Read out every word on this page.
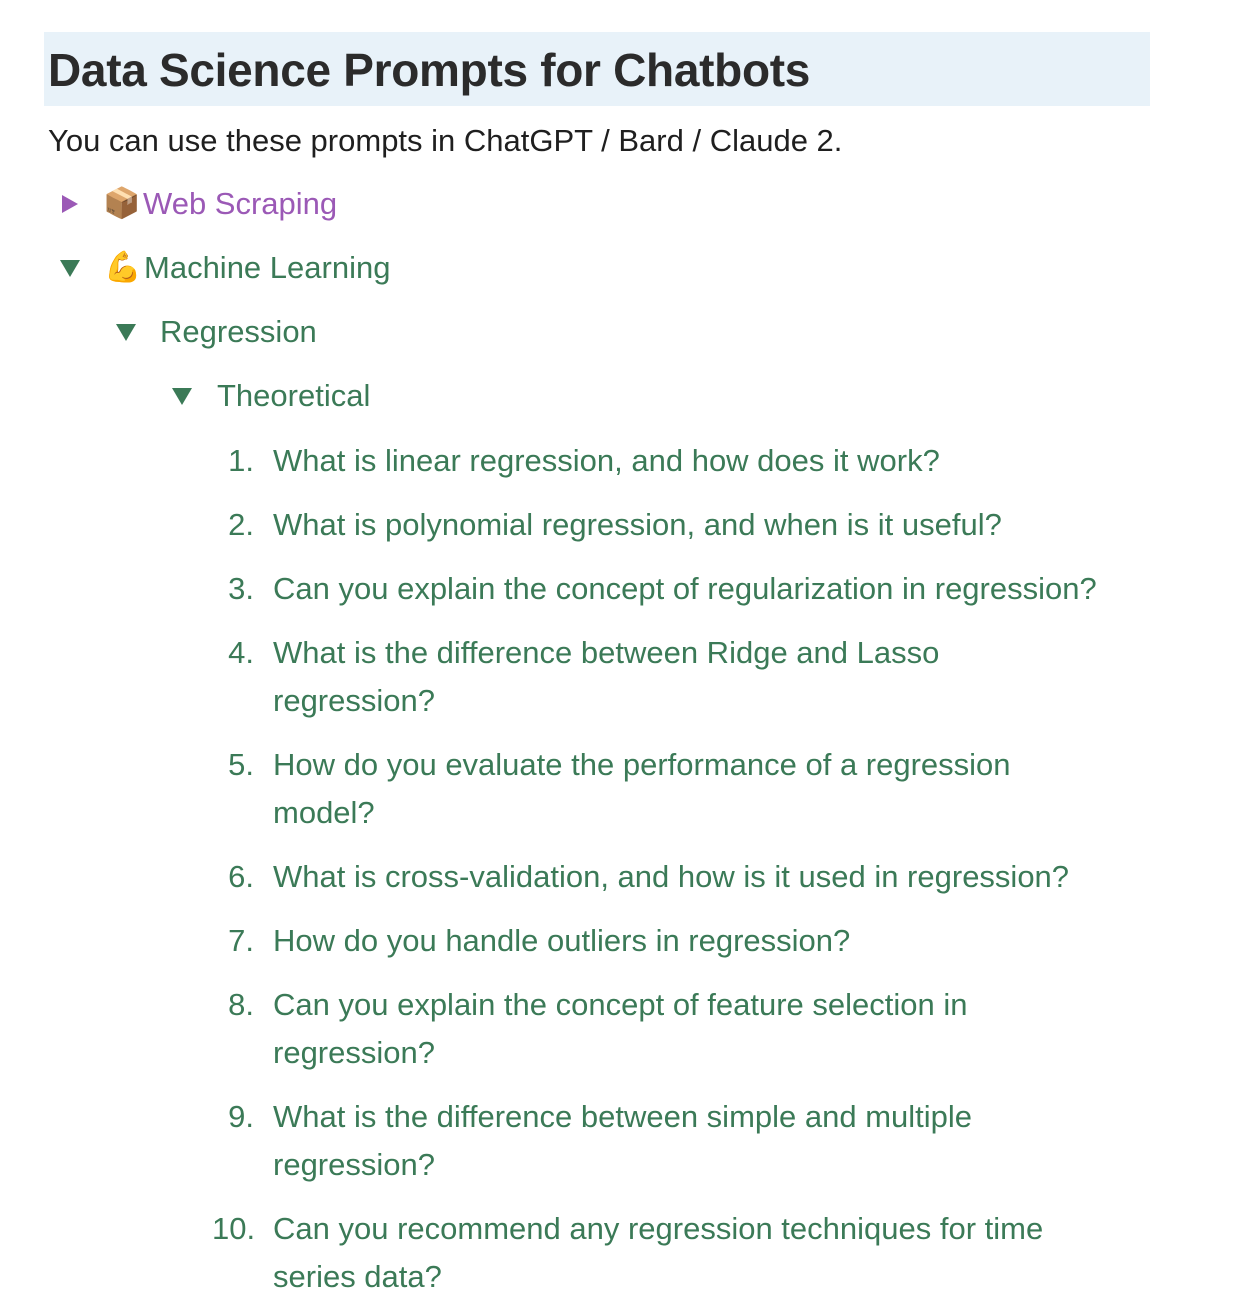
Data Science Prompts for Chatbots

You can use these prompts in ChatGPT / Bard / Claude 2.

📦 Web Scraping
💪 Machine Learning
Regression
Theoretical
1. What is linear regression, and how does it work?
2. What is polynomial regression, and when is it useful?
3. Can you explain the concept of regularization in regression?
4. What is the difference between Ridge and Lasso
regression?
5. How do you evaluate the performance of a regression
model?
6. What is cross-validation, and how is it used in regression?
7. How do you handle outliers in regression?
8. Can you explain the concept of feature selection in
regression?
9. What is the difference between simple and multiple
regression?
10. Can you recommend any regression techniques for time
series data?
